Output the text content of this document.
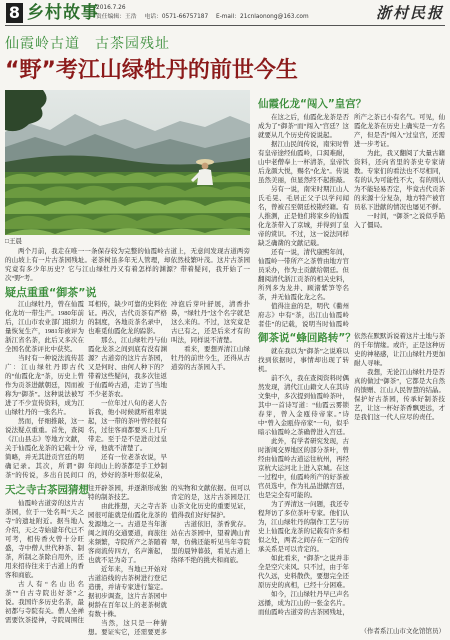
8 乡村故事
2016.7.26
责任编辑：王浩 电话：0571-66757187 E-mail：21cnlaonong@163.com	浙村民报
仙霞岭古道　古茶园残址
“野”考江山绿牡丹的前世今生
□王晨

两个月前，我走在唯一一条保存较为完整的仙霞岭古道上，无意间发现古道两旁的山坡上有一片古茶园残址。老茶树虽多年无人管理，却依然枝繁叶茂。这片古茶园究竟有多少年历史？它与江山绿牡丹又有着怎样的渊源？带着疑问，我开始了一次“野”考。

疑点重重“御茶”说

江山绿牡丹，曾在仙霞化龙坊一带生产。1980年前后，江山市农业部门组织力量恢复生产，1981年被评为浙江省名茶，此后又多次在全国名优茶评比中获奖。

当时有一种说法流传甚广：江山绿牡丹即古代的“仙霞化龙”茶，历史上曾作为贡茶进献朝廷，因而被称为“御茶”。这种说法被写进了不少宣传资料，成为江山绿牡丹的一张名片。

然而，仔细推敲，这一说法疑点重重。首先，查阅《江山县志》等地方文献，关于仙霞化龙茶的记载十分简略，并无其进贡宫廷的明确记录。其次，所谓“御茶”的传说，多出自民间口耳相传，缺少可靠的史料佐证。再次，古代贡茶有严格的制度，各地贡茶名录中，也难觅仙霞化龙的踪影。

那么，江山绿牡丹与仙霞化龙茶之间到底有没有渊源？古道旁的这片古茶园，又是何时、由何人种下的？带着这些疑问，我多次往返于仙霞岭古道，走访了当地不少老茶农。

一位年过八旬的老人告诉我，他小时候就听祖辈说起，这一带的茶叶曾经很有名，过往客商都要买上几斤带走。至于是不是进贡过皇帝，他就不清楚了。

还有一位老茶农说，早年间山上的茶都是手工炒制的，炒好的茶叶形似花朵，冲泡后芽叶舒展，清香扑鼻，“绿牡丹”这个名字就是这么来的。不过，这究竟是古已有之，还是后来才有的叫法，同样说不清楚。

看来，要想弄清江山绿牡丹的前世今生，还得从古道旁的古茶园入手。

天之寺古茶园猜想

仙霞岭古道旁的这片古茶园，位于一处名叫“天之寺”的遗址附近。据当地人介绍，天之寺始建年代已不可考，相传香火曾十分旺盛，寺中僧人世代种茶、制茶，所制之茶除自用外，还用来招待往来于古道上的香客和商旅。

古人有“名山出名茶”“自古寺院出好茶”之说。我国许多历史名茶，最初都与寺院有关。僧人坐禅需要饮茶提神，寺院周围往往开辟茶园，并逐渐形成独特的制茶技艺。

由此推想，天之寺古茶园很可能就是仙霞化龙茶的发源地之一。古道是当年浙闽之间的交通要道，商旅往来频繁，寺院所产之茶随着客商流传四方，名声渐起，也就不足为奇了。

近年来，当地已开始对古道沿线的古茶树进行登记造册，并请专家进行鉴定。据初步调查，这片古茶园中树龄在百年以上的老茶树就有数十株。

当然，这只是一种猜想。要证实它，还需要更多的实物和文献依据。但可以肯定的是，这片古茶园是江山茶文化历史的重要见证，值得我们好好保护。

古道依旧，茶香犹存。站在古茶园中，望着满山青翠，仿佛还能听见当年寺院里的晨钟暮鼓，看见古道上络绎不绝的挑夫和商旅。

仙霞化龙“闯入”皇宫？

在这之后，仙霞化龙茶是否成为了“御茶”而“闯入”宫廷？这就要从几个历史传说说起。

据江山民间传说，南宋时曾有皇帝途经仙霞岭，口渴难耐，山中老僧奉上一杯清茶，皇帝饮后龙颜大悦，赐名“化龙”。传说虽然美丽，但显然经不起推敲。

另有一说，南宋时期江山人氏毛晃、毛居正父子以学问闻名，曾被召至朝廷校勘经籍。有人推测，正是他们将家乡的仙霞化龙茶带入了京城，并得到了皇帝的赏识。不过，这一说法同样缺乏确凿的文献记载。

还有一说，清代康熙年间，仙霞岭一带所产之茶曾由地方官员采办，作为土贡献给朝廷。但翻阅清代浙江贡茶的相关史料，所列多为龙井、顾渚紫笋等名茶，并无仙霞化龙之名。

值得注意的是，明代《衢州府志》中有“茶，出江山仙霞岭者佳”的记载，说明当时仙霞岭所产之茶已小有名气。可见，仙霞化龙茶在历史上确实是一方名产，但是否“闯入”过皇宫，还需进一步考证。

为此，我又翻阅了大量古籍资料，还向省里的茶史专家请教。专家们的看法也不尽相同，有的认为可能性不大，有的则认为不能轻易否定，毕竟古代贡茶的来源十分复杂，地方特产被官员私下进献的情况也屡见不鲜。

一时间，“御茶”之说似乎陷入了僵局。

御茶说“蜂回路转”？

就在我以为“御茶”之说难以找到依据时，事情却出现了转机。

前不久，我在查阅资料时偶然发现，清代江山籍文人在其诗文集中，多次提到仙霞岭茶叶，其中一首诗写道：“仙霞云雾锁春芽，曾入金瓯侍帝家。”诗中“曾入金瓯侍帝家”一句，似乎暗示仙霞岭之茶确曾进入宫廷。

此外，有学者研究发现，古时浙闽交界地区的部分茶叶，曾经由仙霞岭古道运往杭州，再经京杭大运河北上进入京城。在这一过程中，仙霞岭所产的好茶被官员选中，作为礼品进献宫廷，也是完全有可能的。

为了弄清这一问题，我还专程拜访了多位茶叶专家。他们认为，江山绿牡丹的制作工艺与历史上仙霞化龙茶的记载有许多相似之处，两者之间存在一定的传承关系是可以肯定的。

如此看来，“御茶”之说并非全是空穴来风。只不过，由于年代久远，史料散佚，要想完全还原历史的真相，已经十分困难。

如今，江山绿牡丹早已声名远播，成为江山的一张金名片。而仙霞岭古道旁的古茶园残址，依然在默默诉说着这片土地与茶的千年情缘。或许，正是这种历史的神秘感，让江山绿牡丹更加耐人寻味。

我想，无论江山绿牡丹是否真的做过“御茶”，它都是大自然的馈赠、江山人民智慧的结晶。保护好古茶园，传承好制茶技艺，让这一杯好茶香飘更远，才是我们这一代人应尽的责任。

（作者系江山市文化馆馆员）
